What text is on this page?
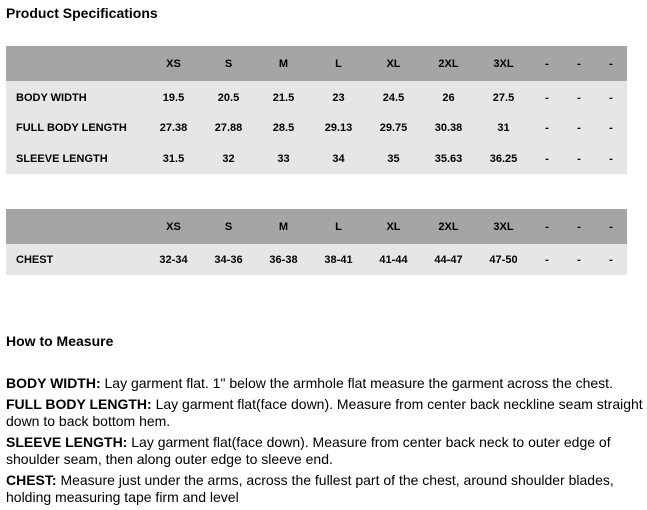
Product Specifications
	XS	S	M	L	XL	2XL	3XL	-	-	-
BODY WIDTH	19.5	20.5	21.5	23	24.5	26	27.5	-	-	-
FULL BODY LENGTH	27.38	27.88	28.5	29.13	29.75	30.38	31	-	-	-
SLEEVE LENGTH	31.5	32	33	34	35	35.63	36.25	-	-	-
	XS	S	M	L	XL	2XL	3XL	-	-	-
CHEST	32-34	34-36	36-38	38-41	41-44	44-47	47-50	-	-	-
How to Measure

BODY WIDTH: Lay garment flat. 1" below the armhole flat measure the garment across the chest.

FULL BODY LENGTH: Lay garment flat(face down). Measure from center back neckline seam straight down to back bottom hem.

SLEEVE LENGTH: Lay garment flat(face down). Measure from center back neck to outer edge of shoulder seam, then along outer edge to sleeve end.

CHEST: Measure just under the arms, across the fullest part of the chest, around shoulder blades, holding measuring tape firm and level
